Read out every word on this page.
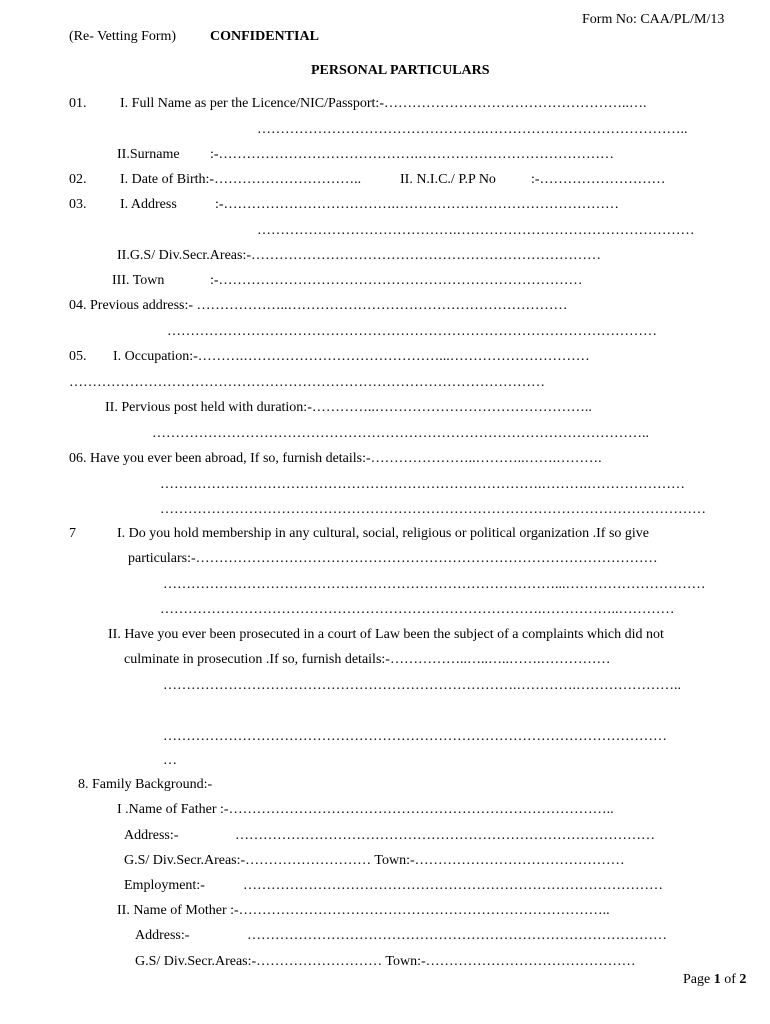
Form No: CAA/PL/M/13
(Re- Vetting Form) CONFIDENTIAL
PERSONAL PARTICULARS
01. I. Full Name as per the Licence/NIC/Passport:-……………………………………………..….
………………………………………….……………………………………..
II.Surname :-…………………………………….……………………………………
02. I. Date of Birth:-…………………………..	II. N.I.C./ P.P No	:-………………………
03. I. Address	:-……………………………….…………………………………………
…………………………………….……………………………………………
II.G.S/ Div.Secr.Areas:-…………………………………………………………………
III. Town	:-……………………………………………………………………
04. Previous address:- ………………..……………………………………………………
……………………………………………………………………………………………
05. I. Occupation:-……….……………………………………...…………………………
…………………………………………………………………………………………
II. Pervious post held with duration:-…………..………………………………………..
……………………………………………………………………………………………..
06. Have you ever been abroad, If so, furnish details:-…………………..………..…….……….
……………………………………………………………………….……….…………………
………………………………………………………………………………………………………
7	I. Do you hold membership in any cultural, social, religious or political organization .If so give
particulars:-………………………………………………………………………………………
…………………………………………………………………………...…………………………
……………………………………………………………………….……………..…………
II. Have you ever been prosecuted in a court of Law been the subject of a complaints which did not
culminate in prosecution .If so, furnish details:-……………..…..…..…….……………
………………………………………………………………….………….…………………..
………………………………………………………………………………………………
…
8. Family Background:-
I .Name of Father :-………………………………………………………………………..
Address:-	………………………………………………………………………………
G.S/ Div.Secr.Areas:-……………………… Town:-………………………………………
Employment:-	………………………………………………………………………………
II. Name of Mother :-……………………………………………………………………..
Address:-	………………………………………………………………………………
G.S/ Div.Secr.Areas:-……………………… Town:-………………………………………
Page 1 of 2
